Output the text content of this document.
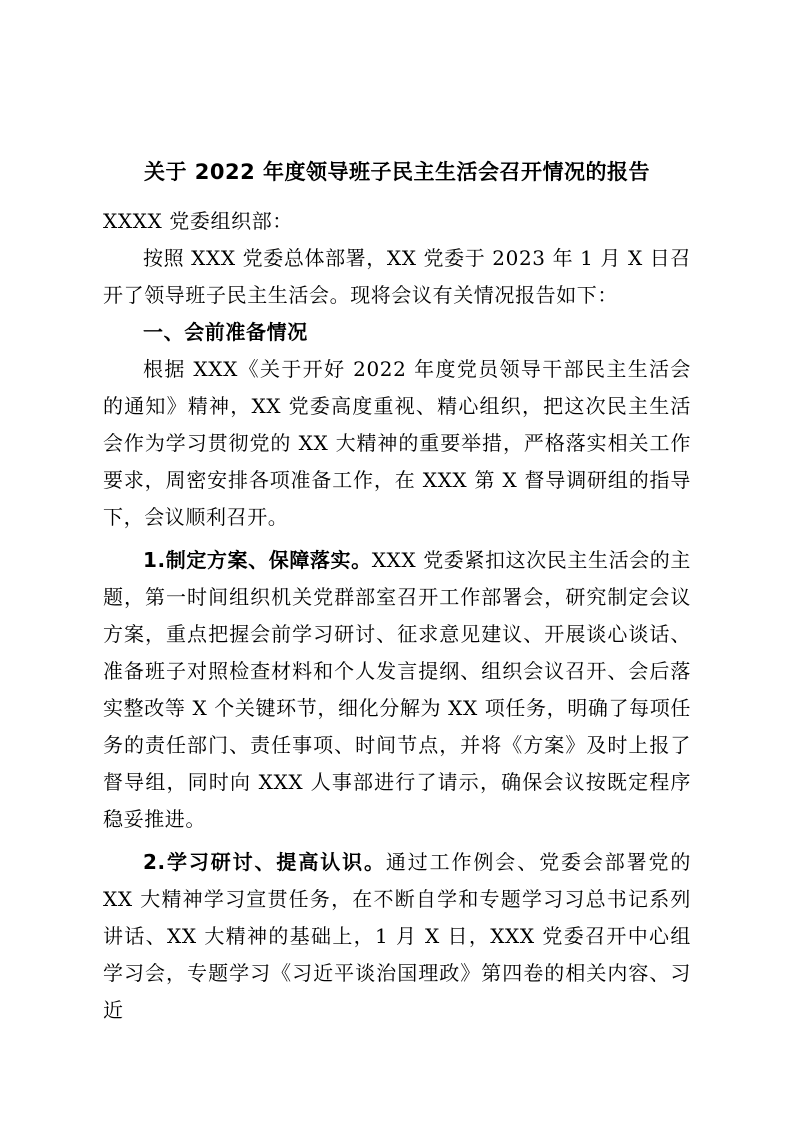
关于 2022 年度领导班子民主生活会召开情况的报告

XXXX 党委组织部：

按照 XXX 党委总体部署，XX 党委于 2023 年 1 月 X 日召开了领导班子民主生活会。现将会议有关情况报告如下：

一、会前准备情况

根据 XXX《关于开好 2022 年度党员领导干部民主生活会的通知》精神，XX 党委高度重视、精心组织，把这次民主生活会作为学习贯彻党的 XX 大精神的重要举措，严格落实相关工作要求，周密安排各项准备工作，在 XXX 第 X 督导调研组的指导下，会议顺利召开。

1.制定方案、保障落实。XXX 党委紧扣这次民主生活会的主题，第一时间组织机关党群部室召开工作部署会，研究制定会议方案，重点把握会前学习研讨、征求意见建议、开展谈心谈话、准备班子对照检查材料和个人发言提纲、组织会议召开、会后落实整改等 X 个关键环节，细化分解为 XX 项任务，明确了每项任务的责任部门、责任事项、时间节点，并将《方案》及时上报了督导组，同时向 XXX 人事部进行了请示，确保会议按既定程序稳妥推进。

2.学习研讨、提高认识。通过工作例会、党委会部署党的 XX 大精神学习宣贯任务，在不断自学和专题学习习总书记系列讲话、XX 大精神的基础上，1 月 X 日，XXX 党委召开中心组学习会，专题学习《习近平谈治国理政》第四卷的相关内容、习近
